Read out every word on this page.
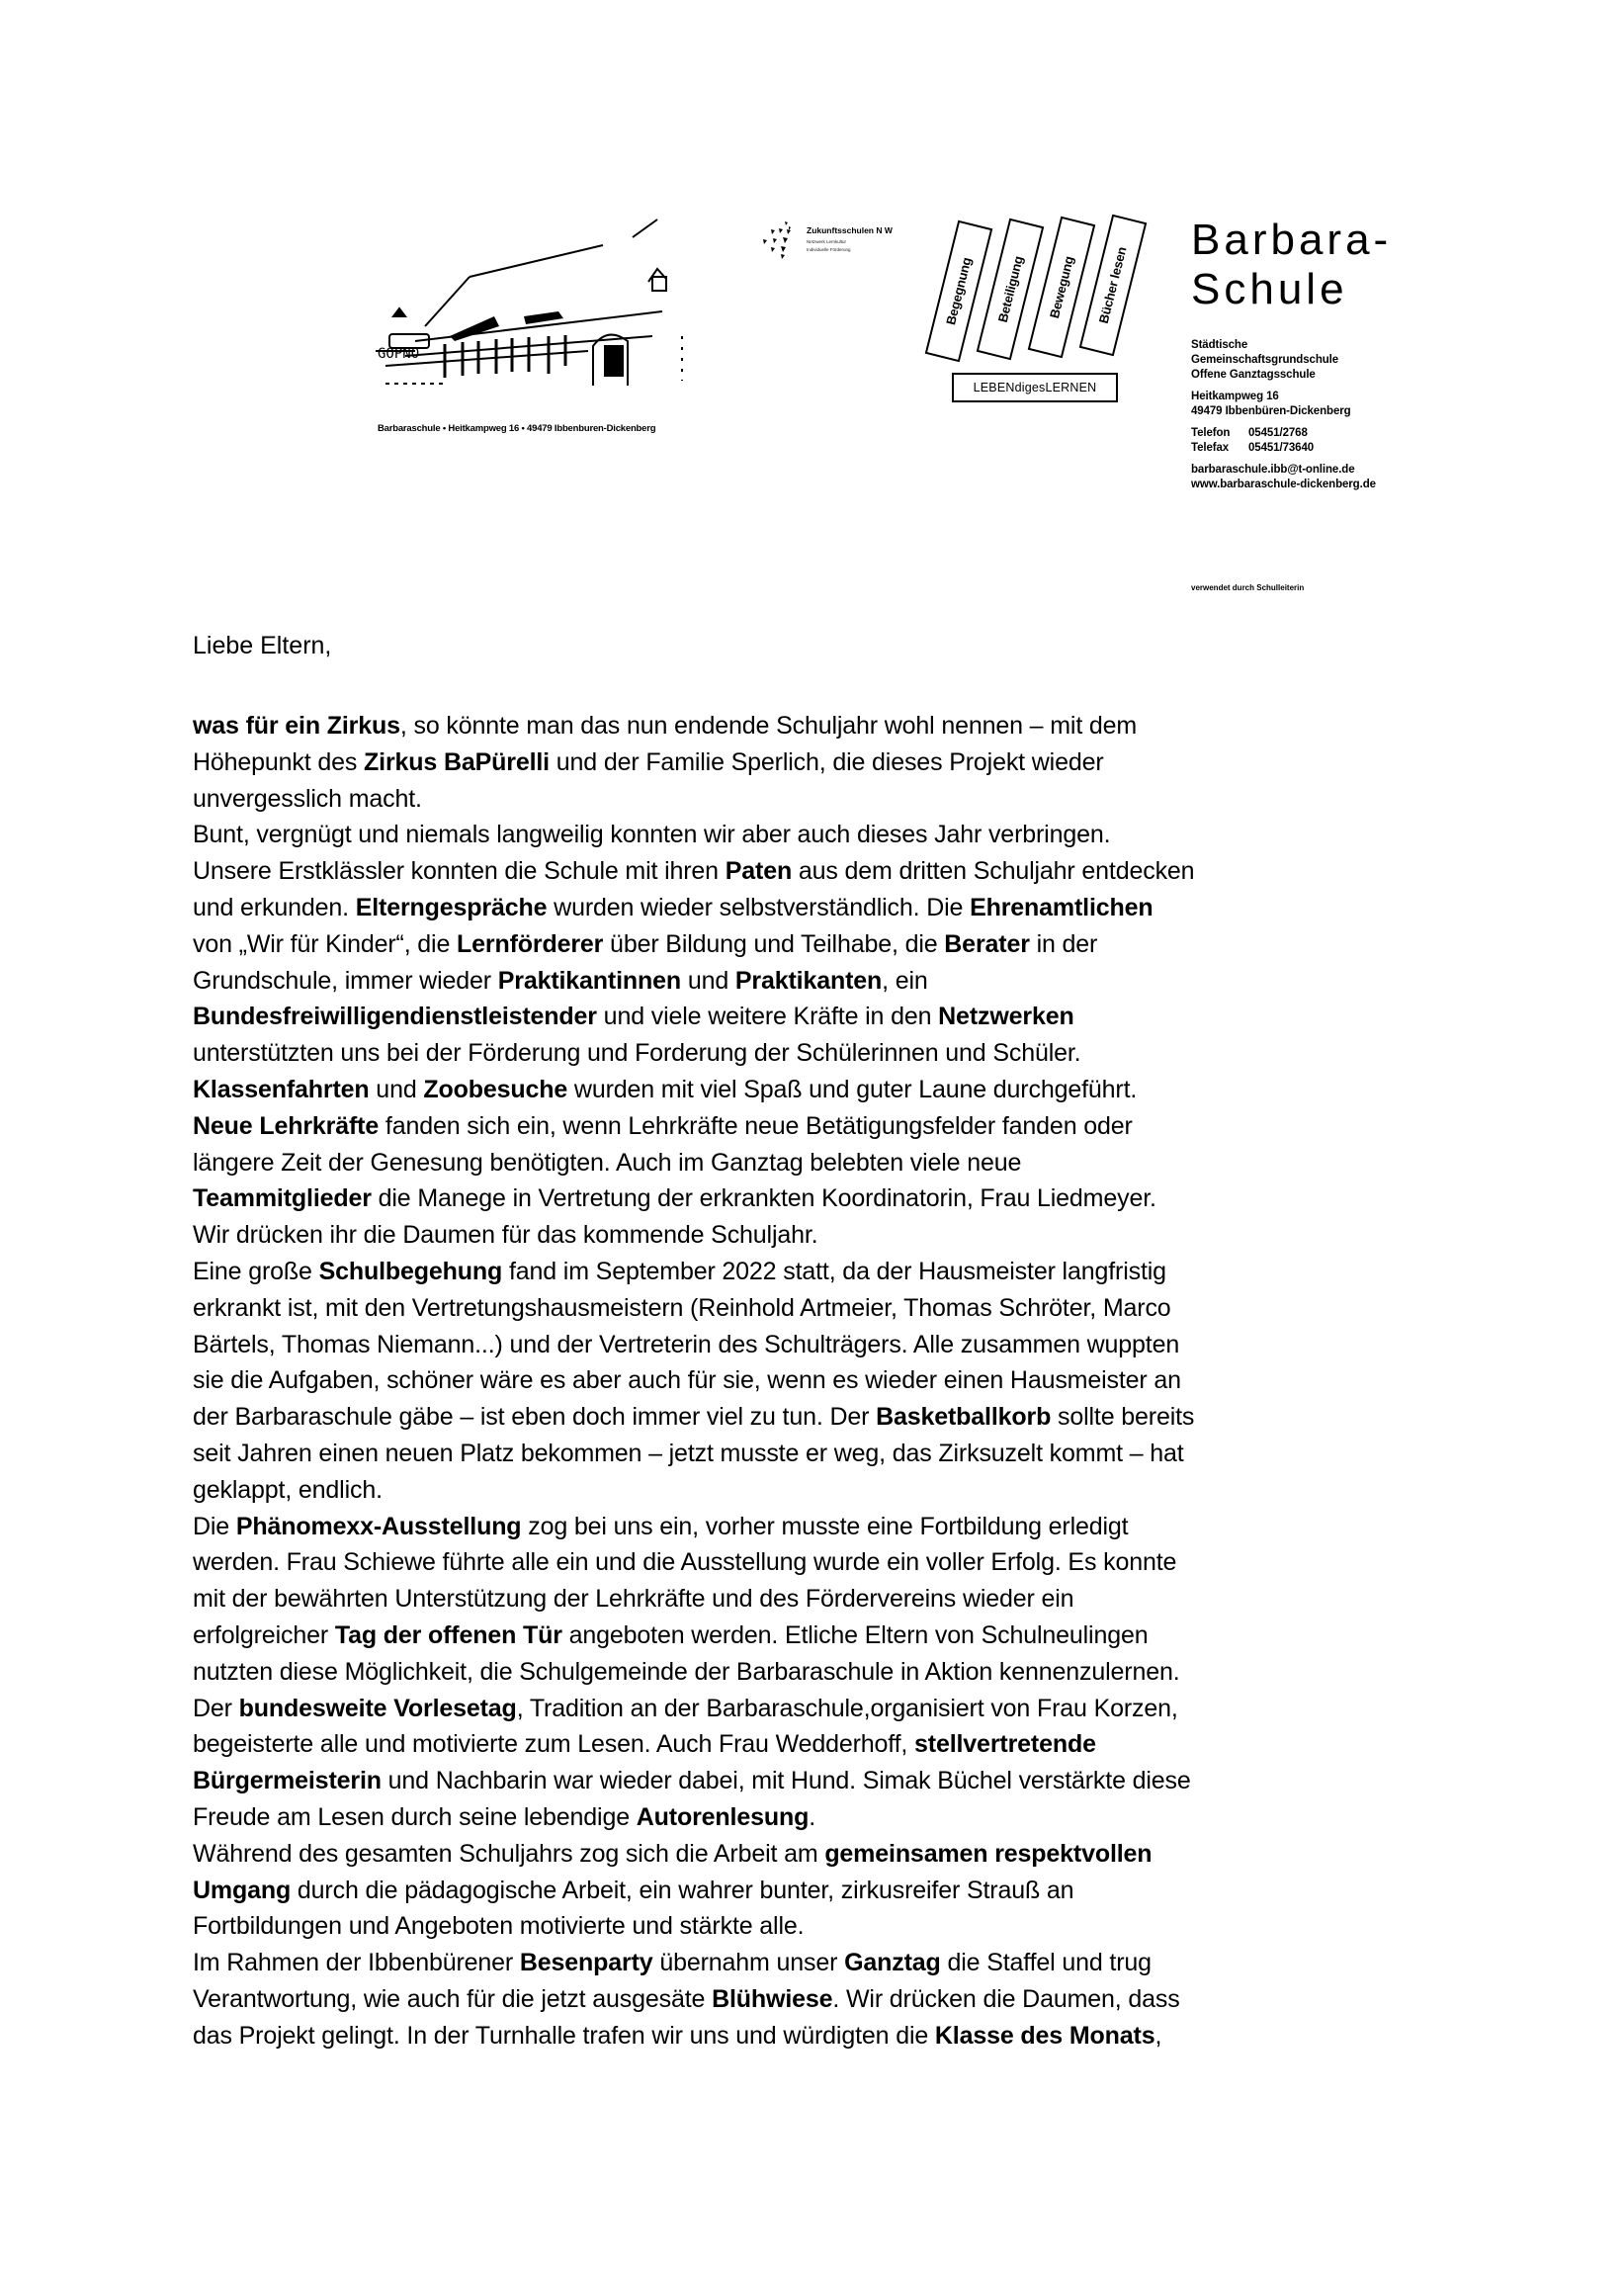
GOPNO
Barbaraschule • Heitkampweg 16 • 49479 Ibbenburen-Dickenberg
Zukunftsschulen N W
Netzwerk Lernkultur
Individuelle Förderung
Begegnung Beteiligung Bewegung Bücher lesen
LEBENdigesLERNEN
Barbara-
Schule
Städtische
Gemeinschaftsgrundschule
Offene Ganztagsschule
Heitkampweg 16
49479 Ibbenbüren-Dickenberg
Telefon	05451/2768
Telefax	05451/73640
barbaraschule.ibb@t-online.de
www.barbaraschule-dickenberg.de
verwendet durch Schulleiterin
Liebe Eltern,
was für ein Zirkus, so könnte man das nun endende Schuljahr wohl nennen – mit dem
Höhepunkt des Zirkus BaPürelli und der Familie Sperlich, die dieses Projekt wieder
unvergesslich macht.
Bunt, vergnügt und niemals langweilig konnten wir aber auch dieses Jahr verbringen.
Unsere Erstklässler konnten die Schule mit ihren Paten aus dem dritten Schuljahr entdecken
und erkunden. Elterngespräche wurden wieder selbstverständlich. Die Ehrenamtlichen
von „Wir für Kinder“, die Lernförderer über Bildung und Teilhabe, die Berater in der
Grundschule, immer wieder Praktikantinnen und Praktikanten, ein
Bundesfreiwilligendienstleistender und viele weitere Kräfte in den Netzwerken
unterstützten uns bei der Förderung und Forderung der Schülerinnen und Schüler.
Klassenfahrten und Zoobesuche wurden mit viel Spaß und guter Laune durchgeführt.
Neue Lehrkräfte fanden sich ein, wenn Lehrkräfte neue Betätigungsfelder fanden oder
längere Zeit der Genesung benötigten. Auch im Ganztag belebten viele neue
Teammitglieder die Manege in Vertretung der erkrankten Koordinatorin, Frau Liedmeyer.
Wir drücken ihr die Daumen für das kommende Schuljahr.
Eine große Schulbegehung fand im September 2022 statt, da der Hausmeister langfristig
erkrankt ist, mit den Vertretungshausmeistern (Reinhold Artmeier, Thomas Schröter, Marco
Bärtels, Thomas Niemann...) und der Vertreterin des Schulträgers. Alle zusammen wuppten
sie die Aufgaben, schöner wäre es aber auch für sie, wenn es wieder einen Hausmeister an
der Barbaraschule gäbe – ist eben doch immer viel zu tun. Der Basketballkorb sollte bereits
seit Jahren einen neuen Platz bekommen – jetzt musste er weg, das Zirksuzelt kommt – hat
geklappt, endlich.
Die Phänomexx-Ausstellung zog bei uns ein, vorher musste eine Fortbildung erledigt
werden. Frau Schiewe führte alle ein und die Ausstellung wurde ein voller Erfolg. Es konnte
mit der bewährten Unterstützung der Lehrkräfte und des Fördervereins wieder ein
erfolgreicher Tag der offenen Tür angeboten werden. Etliche Eltern von Schulneulingen
nutzten diese Möglichkeit, die Schulgemeinde der Barbaraschule in Aktion kennenzulernen.
Der bundesweite Vorlesetag, Tradition an der Barbaraschule,organisiert von Frau Korzen,
begeisterte alle und motivierte zum Lesen. Auch Frau Wedderhoff, stellvertretende
Bürgermeisterin und Nachbarin war wieder dabei, mit Hund. Simak Büchel verstärkte diese
Freude am Lesen durch seine lebendige Autorenlesung.
Während des gesamten Schuljahrs zog sich die Arbeit am gemeinsamen respektvollen
Umgang durch die pädagogische Arbeit, ein wahrer bunter, zirkusreifer Strauß an
Fortbildungen und Angeboten motivierte und stärkte alle.
Im Rahmen der Ibbenbürener Besenparty übernahm unser Ganztag die Staffel und trug
Verantwortung, wie auch für die jetzt ausgesäte Blühwiese. Wir drücken die Daumen, dass
das Projekt gelingt. In der Turnhalle trafen wir uns und würdigten die Klasse des Monats,
